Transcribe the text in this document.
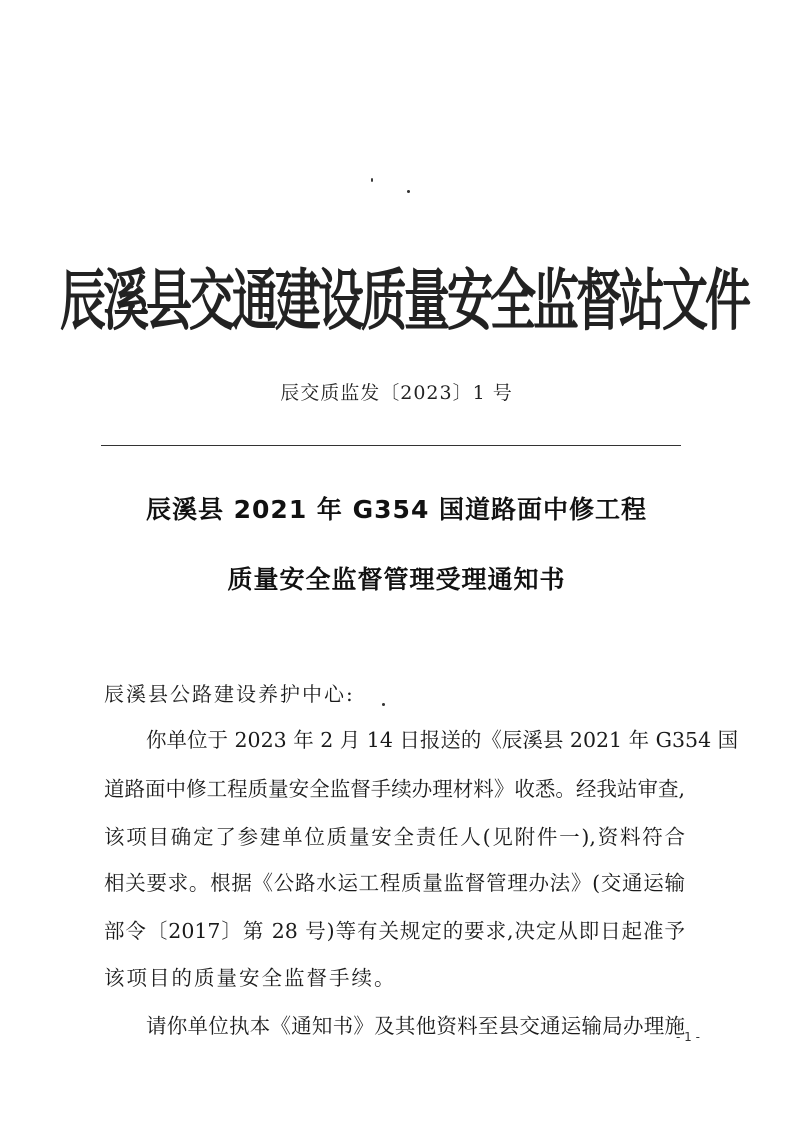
辰溪县交通建设质量安全监督站文件
辰交质监发〔2023〕1 号
辰溪县 2021 年 G354 国道路面中修工程
质量安全监督管理受理通知书
辰溪县公路建设养护中心:
你单位于 2023 年 2 月 14 日报送的《辰溪县 2021 年 G354 国
道路面中修工程质量安全监督手续办理材料》收悉。经我站审查,
该项目确定了参建单位质量安全责任人(见附件一),资料符合
相关要求。根据《公路水运工程质量监督管理办法》(交通运输
部令〔2017〕第 28 号)等有关规定的要求,决定从即日起准予
该项目的质量安全监督手续。
请你单位执本《通知书》及其他资料至县交通运输局办理施
- 1 -
